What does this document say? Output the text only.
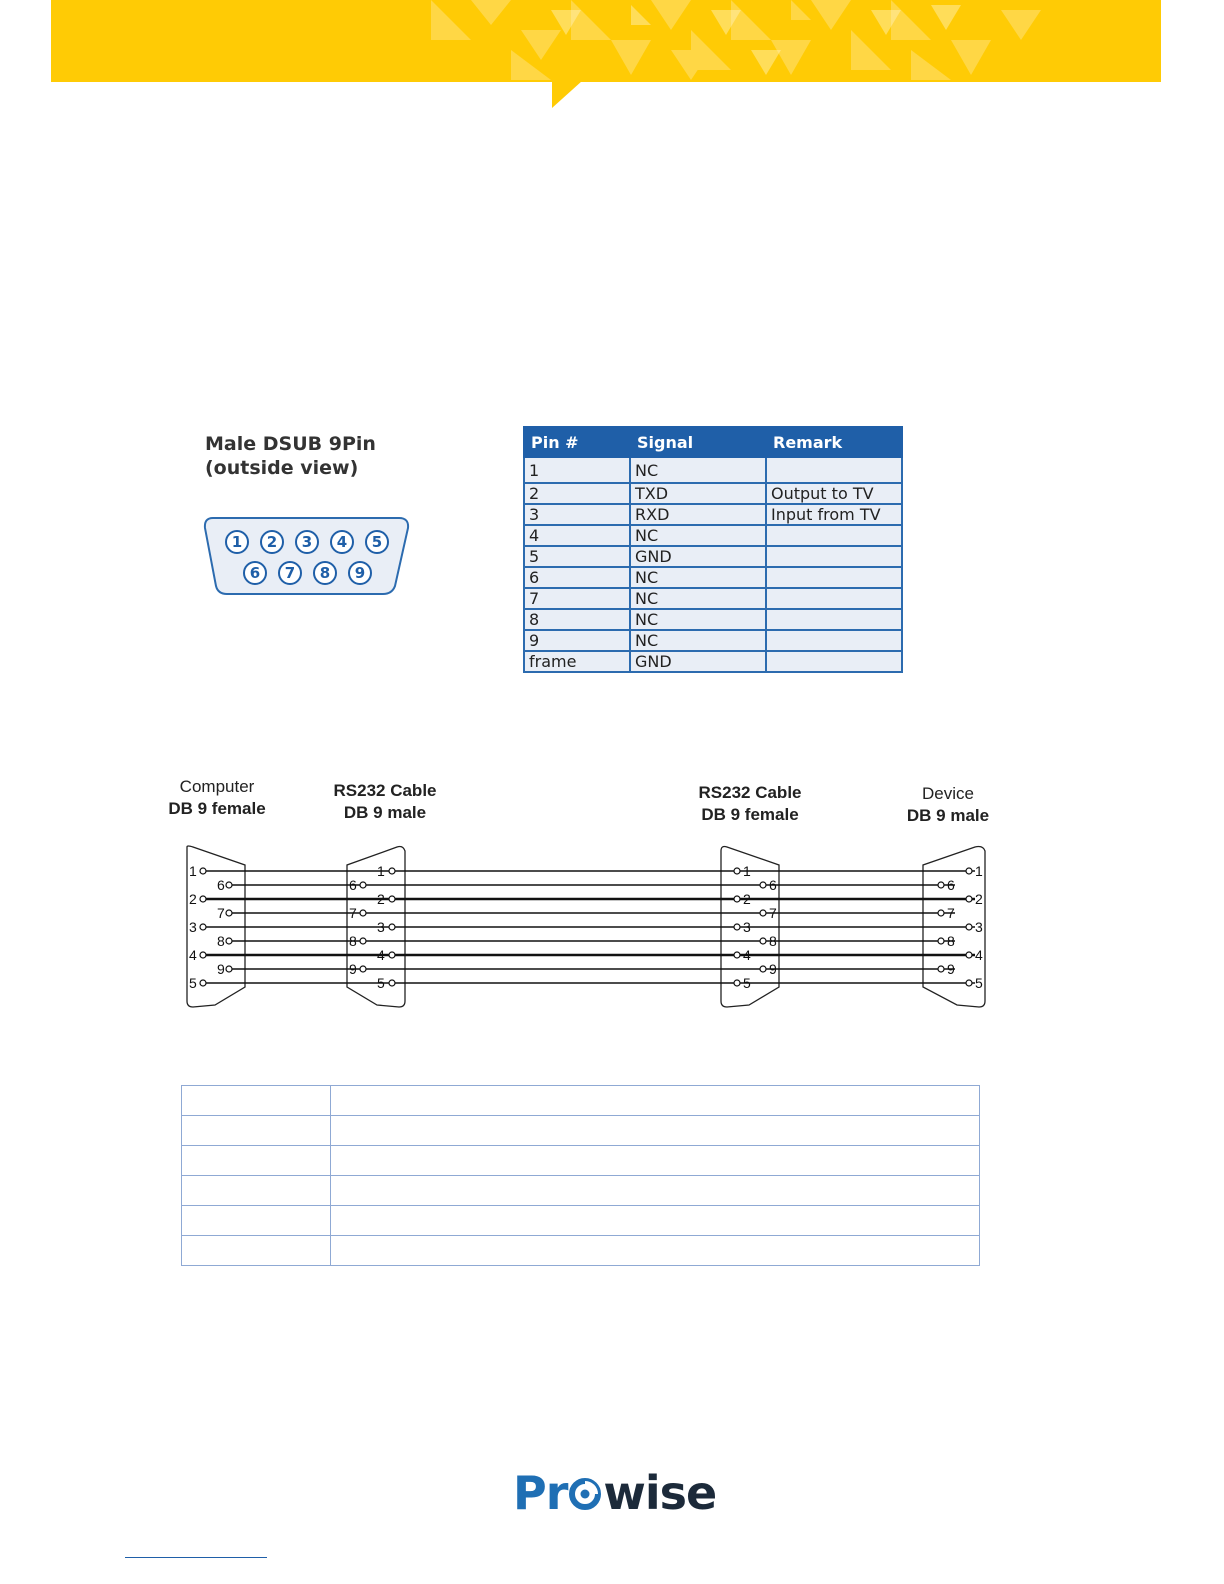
Male DSUB 9Pin
(outside view)
1 2 3 4 5
6 7 8 9
Pin #	Signal	Remark
1	NC	
2	TXD	Output to TV
3	RXD	Input from TV
4	NC	
5	GND	
6	NC	
7	NC	
8	NC	
9	NC	
frame	GND	
Computer
DB 9 female
RS232 Cable
DB 9 male
RS232 Cable
DB 9 female
Device
DB 9 male
1
6
2
7
3
8
4
9
5
1
6
2
7
3
8
4
9
5
1
6
2
7
3
8
4
9
5
1
6
2
7
3
8
4
9
5

Pr wise
